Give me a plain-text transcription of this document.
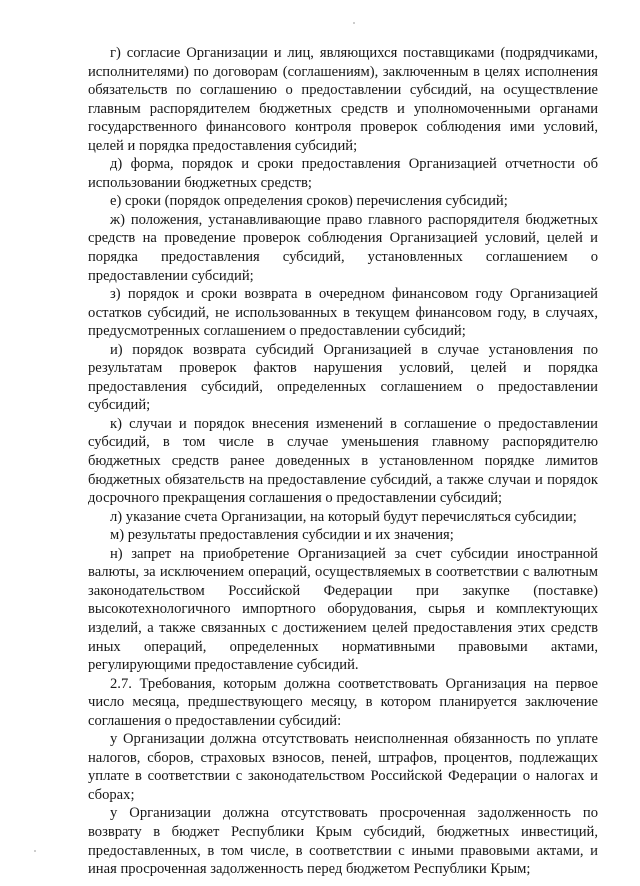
г) согласие Организации и лиц, являющихся поставщиками (подрядчиками, исполнителями) по договорам (соглашениям), заключенным в целях исполнения обязательств по соглашению о предоставлении субсидий, на осуществление главным распорядителем бюджетных средств и уполномоченными органами государственного финансового контроля проверок соблюдения ими условий, целей и порядка предоставления субсидий;

д) форма, порядок и сроки предоставления Организацией отчетности об использовании бюджетных средств;

е) сроки (порядок определения сроков) перечисления субсидий;

ж) положения, устанавливающие право главного распорядителя бюджетных средств на проведение проверок соблюдения Организацией условий, целей и порядка предоставления субсидий, установленных соглашением о предоставлении субсидий;

з) порядок и сроки возврата в очередном финансовом году Организацией остатков субсидий, не использованных в текущем финансовом году, в случаях, предусмотренных соглашением о предоставлении субсидий;

и) порядок возврата субсидий Организацией в случае установления по результатам проверок фактов нарушения условий, целей и порядка предоставления субсидий, определенных соглашением о предоставлении субсидий;

к) случаи и порядок внесения изменений в соглашение о предоставлении субсидий, в том числе в случае уменьшения главному распорядителю бюджетных средств ранее доведенных в установленном порядке лимитов бюджетных обязательств на предоставление субсидий, а также случаи и порядок досрочного прекращения соглашения о предоставлении субсидий;

л) указание счета Организации, на который будут перечисляться субсидии;

м) результаты предоставления субсидии и их значения;

н) запрет на приобретение Организацией за счет субсидии иностранной валюты, за исключением операций, осуществляемых в соответствии с валютным законодательством Российской Федерации при закупке (поставке) высокотехнологичного импортного оборудования, сырья и комплектующих изделий, а также связанных с достижением целей предоставления этих средств иных операций, определенных нормативными правовыми актами, регулирующими предоставление субсидий.

2.7. Требования, которым должна соответствовать Организация на первое число месяца, предшествующего месяцу, в котором планируется заключение соглашения о предоставлении субсидий:

у Организации должна отсутствовать неисполненная обязанность по уплате налогов, сборов, страховых взносов, пеней, штрафов, процентов, подлежащих уплате в соответствии с законодательством Российской Федерации о налогах и сборах;

у Организации должна отсутствовать просроченная задолженность по возврату в бюджет Республики Крым субсидий, бюджетных инвестиций, предоставленных, в том числе, в соответствии с иными правовыми актами, и иная просроченная задолженность перед бюджетом Республики Крым;
